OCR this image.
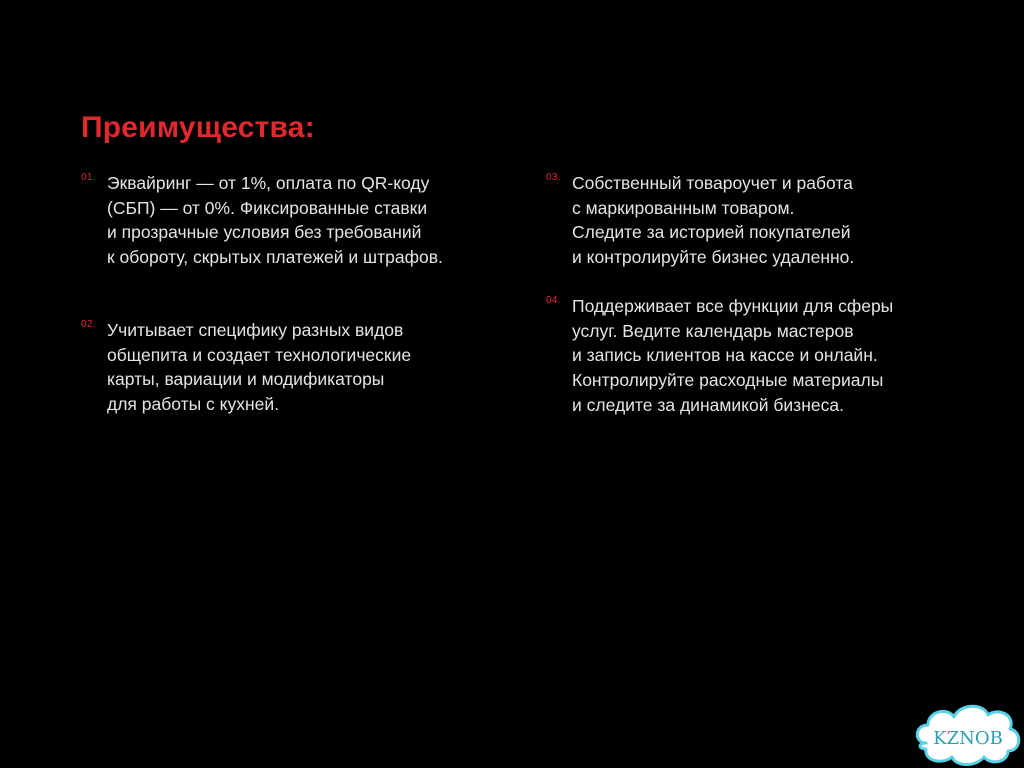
Преимущества:
01. Эквайринг — от 1%, оплата по QR-коду
(СБП) — от 0%. Фиксированные ставки
и прозрачные условия без требований
к обороту, скрытых платежей и штрафов.

02. Учитывает специфику разных видов
общепита и создает технологические
карты, вариации и модификаторы
для работы с кухней.

03. Собственный товароучет и работа
с маркированным товаром.
Следите за историей покупателей
и контролируйте бизнес удаленно.

04. Поддерживает все функции для сферы
услуг. Ведите календарь мастеров
и запись клиентов на кассе и онлайн.
Контролируйте расходные материалы
и следите за динамикой бизнеса.

KZNOB
